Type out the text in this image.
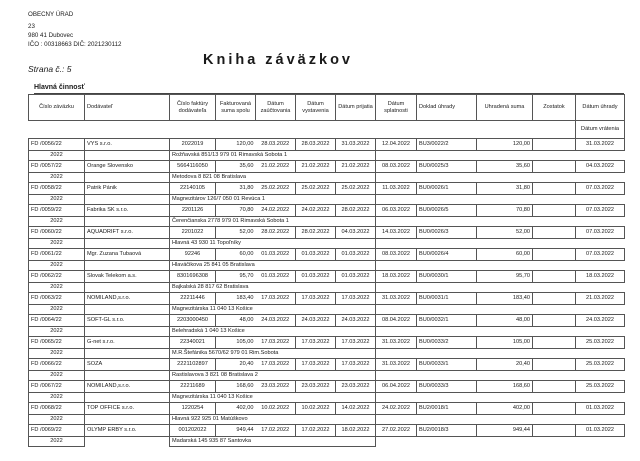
OBECNY ÚRAD
23
980 41 Dubovec
IČO : 00318663 DIČ: 2021230112
Strana č.: 5
Kniha záväzkov
Hlavná činnosť
Číslo záväzku	Dodávateľ	Číslo faktúry dodávateľa	Fakturovaná suma spolu	Dátum zaúčtovania	Dátum vystavenia	Dátum prijatia	Dátum splatnosti	Doklad úhrady	Uhradená suma	Zostatok	Dátum úhrady
											Dátum vrátenia
FD /0056/22	VYS s.r.o.	2022019	120,00	28.03.2022	28.03.2022	31.03.2022	12.04.2022	BU3/0022/2	120,00		31.03.2022
2022		Rožňavská 851/13 979 01 Rimavská Sobota 1									
FD /0057/22	Orange Slovensko	5664116050	35,60	21.02.2022	21.02.2022	21.02.2022	08.03.2022	BU0/0025/3	35,60		04.03.2022
2022		Metodova 8 821 08 Bratislava									
FD /0058/22	Patrik Pánik	22140105	31,80	25.02.2022	25.02.2022	25.02.2022	11.03.2022	BU0/0026/1	31,80		07.03.2022
2022		Magnezitárov 126/7 050 01 Revúca 1									
FD /0059/22	Fabrika SK s.r.o.	2201126	70,80	24.02.2022	24.02.2022	28.02.2022	06.03.2022	BU0/0026/5	70,80		07.03.2022
2022		Čerenčianska 2778 979 01 Rimavská Sobota 1									
FD /0060/22	AQUADRIFT s.r.o.	2201022	52,00	28.02.2022	28.02.2022	04.03.2022	14.03.2022	BU0/0026/3	52,00		07.03.2022
2022		Hlavná 43 930 11 Topoľníky									
FD /0061/22	Mgr. Zuzana Tubaová	92246	60,00	01.03.2022	01.03.2022	01.03.2022	08.03.2022	BU0/0026/4	60,00		07.03.2022
2022		Hlaváčikova 25 841 05 Bratislava									
FD /0062/22	Slovak Telekom a.s.	8301696308	95,70	01.03.2022	01.03.2022	01.03.2022	18.03.2022	BU0/0030/1	95,70		18.03.2022
2022		Bajkalská 28 817 62 Bratislava									
FD /0063/22	NOMILAND,s.r.o.	22211446	183,40	17.03.2022	17.03.2022	17.03.2022	31.03.2022	BU0/0031/1	183,40		21.03.2022
2022		Magnezitárska 11 040 13 Košice									
FD /0064/22	SOFT-GL s.r.o.	2203000450	48,00	24.03.2022	24.03.2022	24.03.2022	08.04.2022	BU0/0032/1	48,00		24.03.2022
2022		Belehradská 1 040 13 Košice									
FD /0065/22	G-net s.r.o.	22340021	105,00	17.03.2022	17.03.2022	17.03.2022	31.03.2022	BU0/0033/2	105,00		25.03.2022
2022		M.R.Štefánika 5670/62 979 01 Rim.Sobota									
FD /0066/22	SOZA	2221102897	20,40	17.03.2022	17.03.2022	17.03.2022	31.03.2022	BU0/0033/1	20,40		25.03.2022
2022		Rastislavova 3 821 08 Bratislava 2									
FD /0067/22	NOMILAND,s.r.o.	22211689	168,60	23.03.2022	23.03.2022	23.03.2022	06.04.2022	BU0/0033/3	168,60		25.03.2022
2022		Magnezitárska 11 040 13 Košice									
FD /0068/22	TOP OFFICE s.r.o.	1220254	402,00	10.02.2022	10.02.2022	14.02.2022	24.02.2022	BU2/0018/1	402,00		01.03.2022
2022		Hlavná 922 925 01 Matúškovo									
FD /0069/22	OLYMP ERBY s.r.o.	001202022	949,44	17.02.2022	17.02.2022	18.02.2022	27.02.2022	BU2/0018/3	949,44		01.03.2022
2022		Madarská 145 935 87 Santovka									
